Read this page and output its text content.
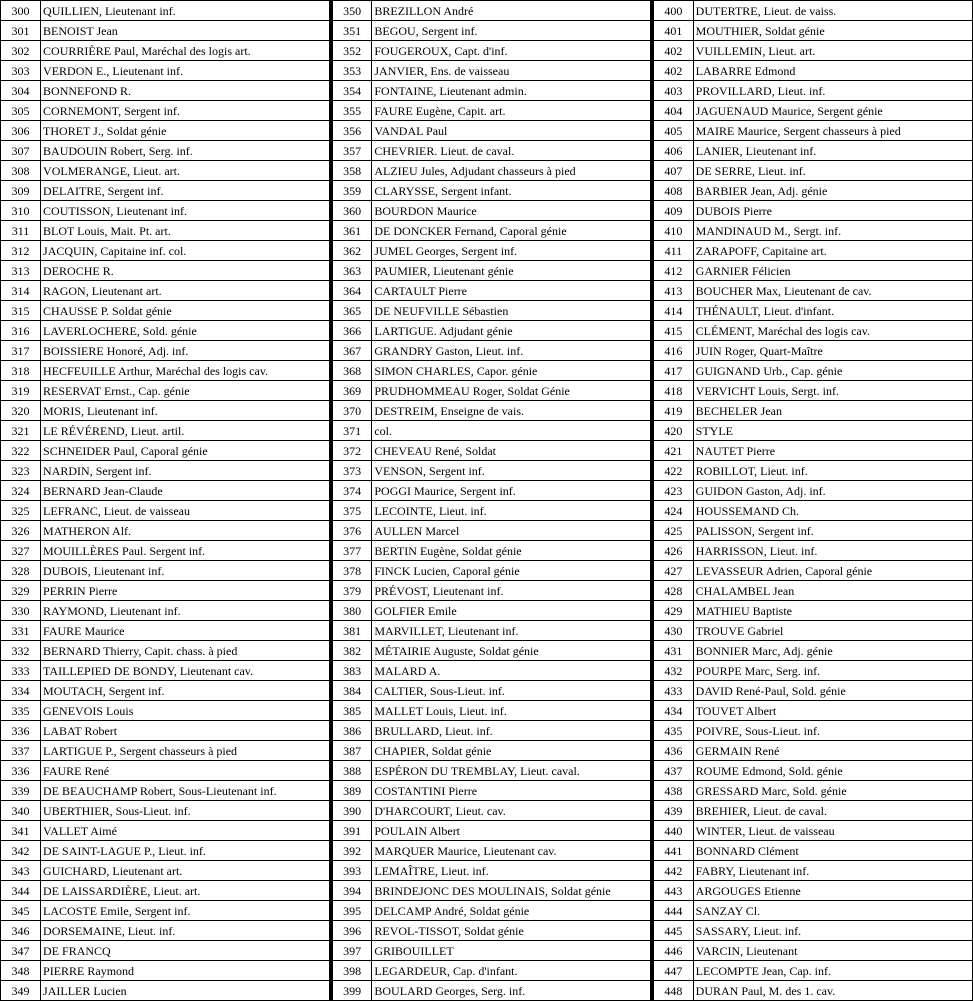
300	QUILLIEN, Lieutenant inf.		350	BREZILLON André		400	DUTERTRE, Lieut. de vaiss.
301	BENOIST Jean		351	BEGOU, Sergent inf.		401	MOUTHIER, Soldat génie
302	COURRIÈRE Paul, Maréchal des logis art.		352	FOUGEROUX, Capt. d'inf.		402	VUILLEMIN, Lieut. art.
303	VERDON E., Lieutenant inf.		353	JANVIER, Ens. de vaisseau		402	LABARRE Edmond
304	BONNEFOND R.		354	FONTAINE, Lieutenant admin.		403	PROVILLARD, Lieut. inf.
305	CORNEMONT, Sergent inf.		355	FAURE Eugène, Capit. art.		404	JAGUENAUD Maurice, Sergent génie
306	THORET J., Soldat génie		356	VANDAL Paul		405	MAIRE Maurice, Sergent chasseurs à pied
307	BAUDOUIN Robert, Serg. inf.		357	CHEVRIER. Lieut. de caval.		406	LANIER, Lieutenant inf.
308	VOLMERANGE, Lieut. art.		358	ALZIEU Jules, Adjudant chasseurs à pied		407	DE SERRE, Lieut. inf.
309	DELAITRE, Sergent inf.		359	CLARYSSE, Sergent infant.		408	BARBIER Jean, Adj. génie
310	COUTISSON, Lieutenant inf.		360	BOURDON Maurice		409	DUBOIS Pierre
311	BLOT Louis, Mait. Pt. art.		361	DE DONCKER Fernand, Caporal génie		410	MANDINAUD M., Sergt. inf.
312	JACQUIN, Capitaine inf. col.		362	JUMEL Georges, Sergent inf.		411	ZARAPOFF, Capitaine art.
313	DEROCHE R.		363	PAUMIER, Lieutenant génie		412	GARNIER Félicien
314	RAGON, Lieutenant art.		364	CARTAULT Pierre		413	BOUCHER Max, Lieutenant de cav.
315	CHAUSSE P. Soldat génie		365	DE NEUFVILLE Sébastien		414	THÉNAULT, Lieut. d'infant.
316	LAVERLOCHERE, Sold. génie		366	LARTIGUE. Adjudant génie		415	CLÉMENT, Maréchal des logis cav.
317	BOISSIERE Honoré, Adj. inf.		367	GRANDRY Gaston, Lieut. inf.		416	JUIN Roger, Quart-Maître
318	HECFEUILLE Arthur, Maréchal des logis cav.		368	SIMON CHARLES, Capor. génie		417	GUIGNAND Urb., Cap. génie
319	RESERVAT Ernst., Cap. génie		369	PRUDHOMMEAU Roger, Soldat Génie		418	VERVICHT Louis, Sergt. inf.
320	MORIS, Lieutenant inf.		370	DESTREIM, Enseigne de vais.		419	BECHELER Jean
321	LE RÉVÉREND, Lieut. artil.		371	col.		420	STYLE
322	SCHNEIDER Paul, Caporal génie		372	CHEVEAU René, Soldat		421	NAUTET Pierre
323	NARDIN, Sergent inf.		373	VENSON, Sergent inf.		422	ROBILLOT, Lieut. inf.
324	BERNARD Jean-Claude		374	POGGI Maurice, Sergent inf.		423	GUIDON Gaston, Adj. inf.
325	LEFRANC, Lieut. de vaisseau		375	LECOINTE, Lieut. inf.		424	HOUSSEMAND Ch.
326	MATHERON Alf.		376	AULLEN Marcel		425	PALISSON, Sergent inf.
327	MOUILLÈRES Paul. Sergent inf.		377	BERTIN Eugène, Soldat génie		426	HARRISSON, Lieut. inf.
328	DUBOIS, Lieutenant inf.		378	FINCK Lucien, Caporal génie		427	LEVASSEUR Adrien, Caporal génie
329	PERRIN Pierre		379	PRÉVOST, Lieutenant inf.		428	CHALAMBEL Jean
330	RAYMOND, Lieutenant inf.		380	GOLFIER Emile		429	MATHIEU Baptiste
331	FAURE Maurice		381	MARVILLET, Lieutenant inf.		430	TROUVE Gabriel
332	BERNARD Thierry, Capit. chass. à pied		382	MÉTAIRIE Auguste, Soldat génie		431	BONNIER Marc, Adj. génie
333	TAILLEPIED DE BONDY, Lieutenant cav.		383	MALARD A.		432	POURPE Marc, Serg. inf.
334	MOUTACH, Sergent inf.		384	CALTIER, Sous-Lieut. inf.		433	DAVID René-Paul, Sold. génie
335	GENEVOIS Louis		385	MALLET Louis, Lieut. inf.		434	TOUVET Albert
336	LABAT Robert		386	BRULLARD, Lieut. inf.		435	POIVRE, Sous-Lieut. inf.
337	LARTIGUE P., Sergent chasseurs à pied		387	CHAPIER, Soldat génie		436	GERMAIN René
336	FAURE René		388	ESPÉRON DU TREMBLAY, Lieut. caval.		437	ROUME Edmond, Sold. génie
339	DE BEAUCHAMP Robert, Sous-Lieutenant inf.		389	COSTANTINI Pierre		438	GRESSARD Marc, Sold. génie
340	UBERTHIER, Sous-Lieut. inf.		390	D'HARCOURT, Lieut. cav.		439	BREHIER, Lieut. de caval.
341	VALLET Aimé		391	POULAIN Albert		440	WINTER, Lieut. de vaisseau
342	DE SAINT-LAGUE P., Lieut. inf.		392	MARQUER Maurice, Lieutenant cav.		441	BONNARD Clément
343	GUICHARD, Lieutenant art.		393	LEMAÎTRE, Lieut. inf.		442	FABRY, Lieutenant inf.
344	DE LAISSARDIÈRE, Lieut. art.		394	BRINDEJONC DES MOULINAIS, Soldat génie		443	ARGOUGES Etienne
345	LACOSTE Emile, Sergent inf.		395	DELCAMP André, Soldat génie		444	SANZAY Cl.
346	DORSEMAINE, Lieut. inf.		396	REVOL-TISSOT, Soldat génie		445	SASSARY, Lieut. inf.
347	DE FRANCQ		397	GRIBOUILLET		446	VARCIN, Lieutenant
348	PIERRE Raymond		398	LEGARDEUR, Cap. d'infant.		447	LECOMPTE Jean, Cap. inf.
349	JAILLER Lucien		399	BOULARD Georges, Serg. inf.		448	DURAN Paul, M. des 1. cav.
